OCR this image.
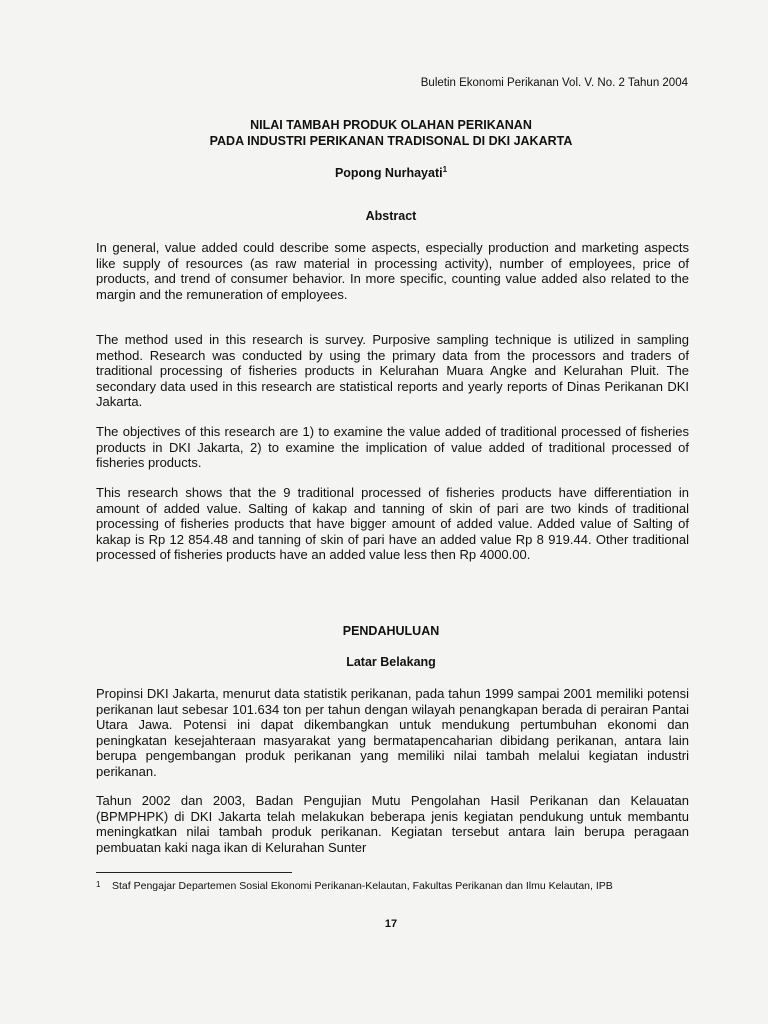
Buletin Ekonomi Perikanan Vol. V. No. 2 Tahun 2004
NILAI TAMBAH PRODUK OLAHAN PERIKANAN
PADA INDUSTRI PERIKANAN TRADISONAL DI DKI JAKARTA
Popong Nurhayati$^1$
Abstract

In general, value added could describe some aspects, especially production and marketing aspects like supply of resources (as raw material in processing activity), number of employees, price of products, and trend of consumer behavior. In more specific, counting value added also related to the margin and the remuneration of employees.

The method used in this research is survey. Purposive sampling technique is utilized in sampling method. Research was conducted by using the primary data from the processors and traders of traditional processing of fisheries products in Kelurahan Muara Angke and Kelurahan Pluit. The secondary data used in this research are statistical reports and yearly reports of Dinas Perikanan DKI Jakarta.

The objectives of this research are 1) to examine the value added of traditional processed of fisheries products in DKI Jakarta, 2) to examine the implication of value added of traditional processed of fisheries products.

This research shows that the 9 traditional processed of fisheries products have differentiation in amount of added value. Salting of kakap and tanning of skin of pari are two kinds of traditional processing of fisheries products that have bigger amount of added value. Added value of Salting of kakap is Rp 12 854.48 and tanning of skin of pari have an added value Rp 8 919.44. Other traditional processed of fisheries products have an added value less then Rp 4000.00.

PENDAHULUAN
Latar Belakang

Propinsi DKI Jakarta, menurut data statistik perikanan, pada tahun 1999 sampai 2001 memiliki potensi perikanan laut sebesar 101.634 ton per tahun dengan wilayah penangkapan berada di perairan Pantai Utara Jawa. Potensi ini dapat dikembangkan untuk mendukung pertumbuhan ekonomi dan peningkatan kesejahteraan masyarakat yang bermatapencaharian dibidang perikanan, antara lain berupa pengembangan produk perikanan yang memiliki nilai tambah melalui kegiatan industri perikanan.

Tahun 2002 dan 2003, Badan Pengujian Mutu Pengolahan Hasil Perikanan dan Kelauatan (BPMPHPK) di DKI Jakarta telah melakukan beberapa jenis kegiatan pendukung untuk membantu meningkatkan nilai tambah produk perikanan. Kegiatan tersebut antara lain berupa peragaan pembuatan kaki naga ikan di Kelurahan Sunter

1 Staf Pengajar Departemen Sosial Ekonomi Perikanan-Kelautan, Fakultas Perikanan dan Ilmu Kelautan, IPB
17
